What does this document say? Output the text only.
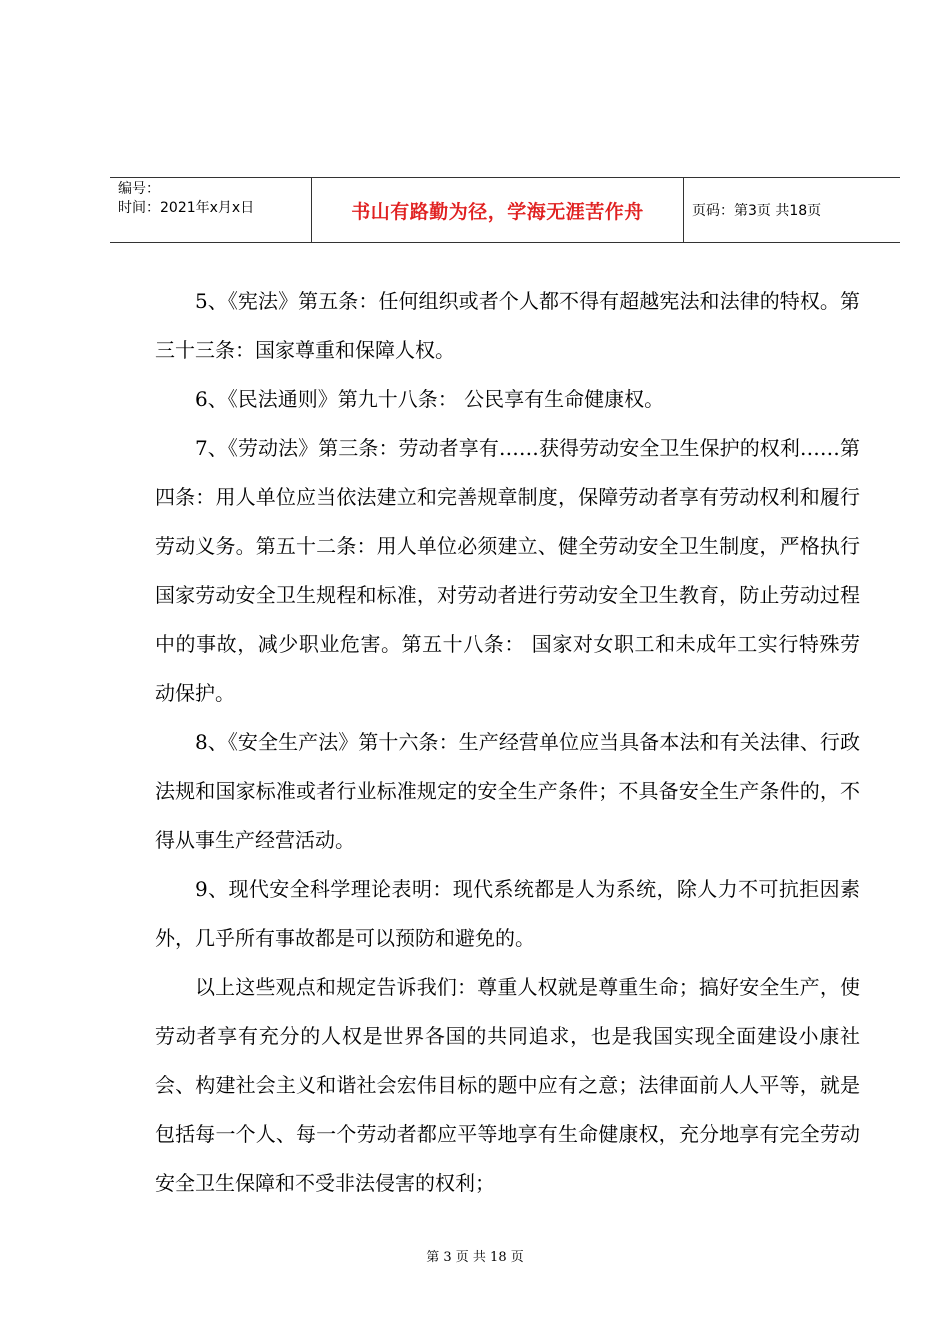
编号：
时间：2021年x月x日	书山有路勤为径，学海无涯苦作舟	页码：第3页 共18页

5、《宪法》第五条：任何组织或者个人都不得有超越宪法和法律的特权。第三十三条：国家尊重和保障人权。

6、《民法通则》第九十八条： 公民享有生命健康权。

7、《劳动法》第三条：劳动者享有……获得劳动安全卫生保护的权利……第四条：用人单位应当依法建立和完善规章制度，保障劳动者享有劳动权利和履行劳动义务。第五十二条：用人单位必须建立、健全劳动安全卫生制度，严格执行国家劳动安全卫生规程和标准，对劳动者进行劳动安全卫生教育，防止劳动过程中的事故，减少职业危害。第五十八条： 国家对女职工和未成年工实行特殊劳动保护。

8、《安全生产法》第十六条：生产经营单位应当具备本法和有关法律、行政法规和国家标准或者行业标准规定的安全生产条件；不具备安全生产条件的，不得从事生产经营活动。

9、现代安全科学理论表明：现代系统都是人为系统，除人力不可抗拒因素外，几乎所有事故都是可以预防和避免的。

以上这些观点和规定告诉我们：尊重人权就是尊重生命；搞好安全生产，使劳动者享有充分的人权是世界各国的共同追求，也是我国实现全面建设小康社会、构建社会主义和谐社会宏伟目标的题中应有之意；法律面前人人平等，就是包括每一个人、每一个劳动者都应平等地享有生命健康权，充分地享有完全劳动安全卫生保障和不受非法侵害的权利；

第 3 页 共 18 页
